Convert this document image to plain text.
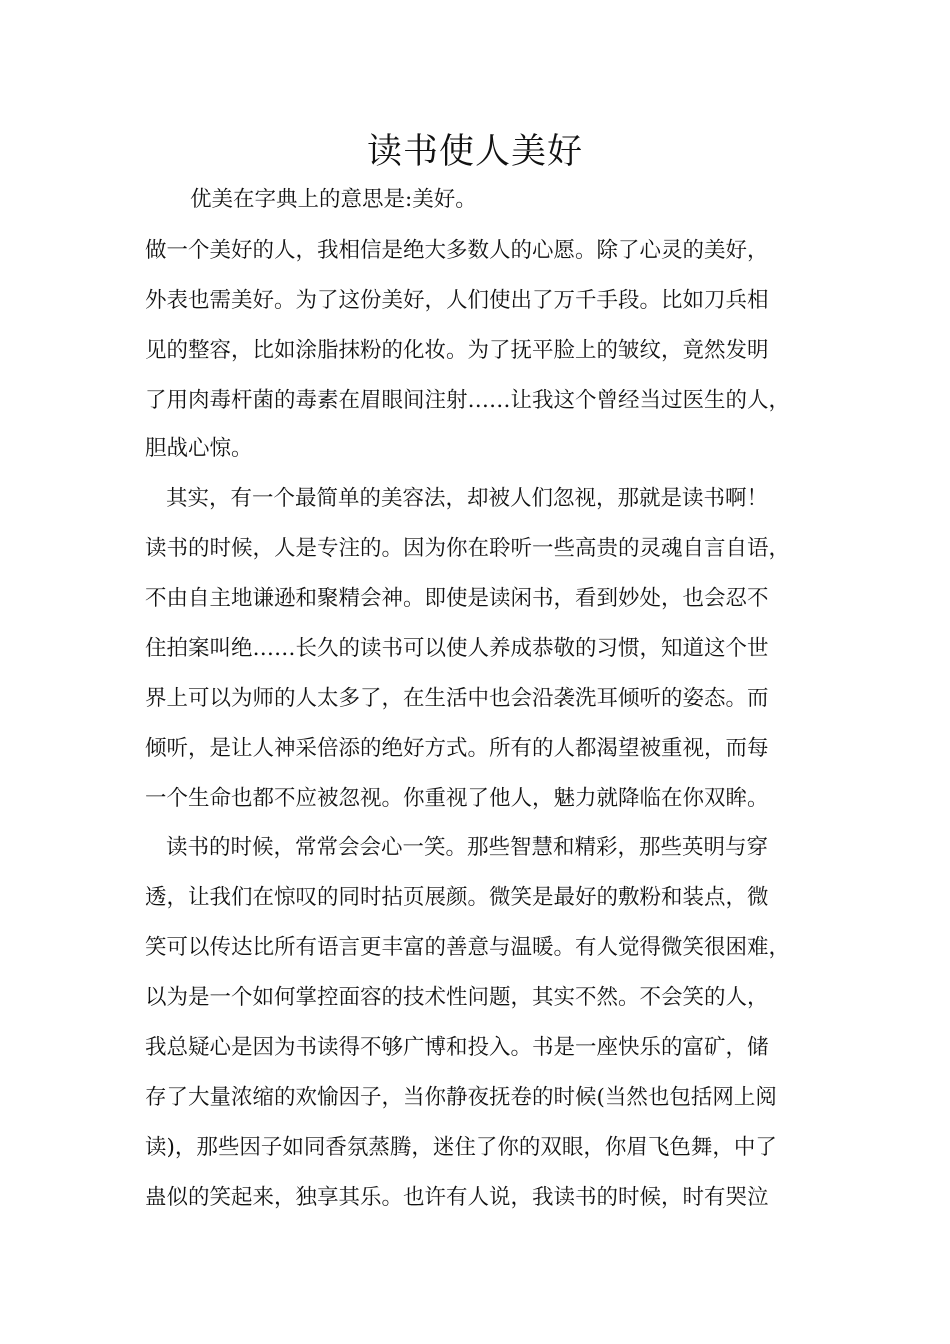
读书使人美好

优美在字典上的意思是:美好。

做一个美好的人，我相信是绝大多数人的心愿。除了心灵的美好，

外表也需美好。为了这份美好，人们使出了万千手段。比如刀兵相

见的整容，比如涂脂抹粉的化妆。为了抚平脸上的皱纹，竟然发明

了用肉毒杆菌的毒素在眉眼间注射……让我这个曾经当过医生的人，

胆战心惊。

其实，有一个最简单的美容法，却被人们忽视，那就是读书啊！

读书的时候，人是专注的。因为你在聆听一些高贵的灵魂自言自语，

不由自主地谦逊和聚精会神。即使是读闲书，看到妙处，也会忍不

住拍案叫绝……长久的读书可以使人养成恭敬的习惯，知道这个世

界上可以为师的人太多了，在生活中也会沿袭洗耳倾听的姿态。而

倾听，是让人神采倍添的绝好方式。所有的人都渴望被重视，而每

一个生命也都不应被忽视。你重视了他人，魅力就降临在你双眸。

读书的时候，常常会会心一笑。那些智慧和精彩，那些英明与穿

透，让我们在惊叹的同时拈页展颜。微笑是最好的敷粉和装点，微

笑可以传达比所有语言更丰富的善意与温暖。有人觉得微笑很困难，

以为是一个如何掌控面容的技术性问题，其实不然。不会笑的人，

我总疑心是因为书读得不够广博和投入。书是一座快乐的富矿，储

存了大量浓缩的欢愉因子，当你静夜抚卷的时候(当然也包括网上阅

读)，那些因子如同香氛蒸腾，迷住了你的双眼，你眉飞色舞，中了

蛊似的笑起来，独享其乐。也许有人说，我读书的时候，时有哭泣
